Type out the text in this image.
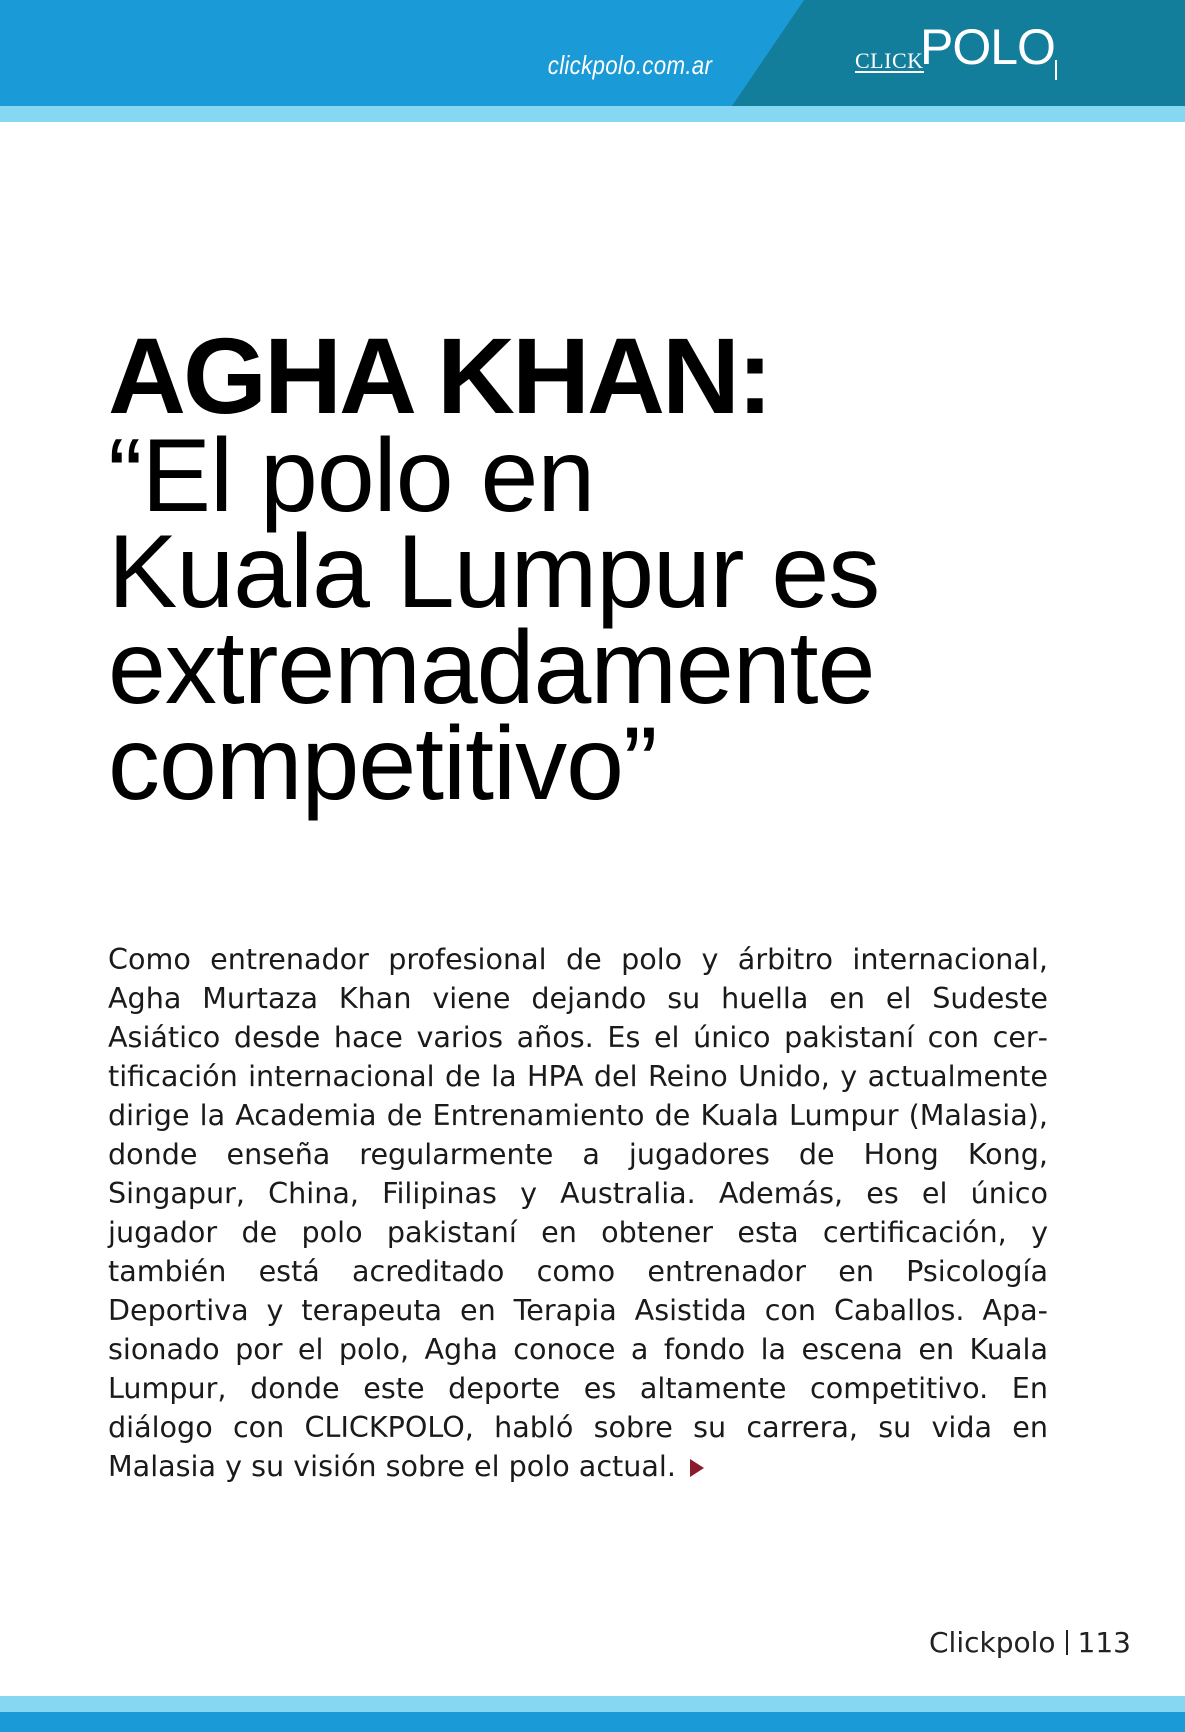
clickpolo.com.ar	CLICK
POLO
AGHA KHAN:
“El polo en
Kuala Lumpur es
extremadamente
competitivo”
Como entrenador profesional de polo y árbitro internacional, Agha Murtaza Khan viene dejando su huella en el Sudeste Asiático desde hace varios años. Es el único pakistaní con certificación internacional de la HPA del Reino Unido, y actualmente dirige la Academia de Entrenamiento de Kuala Lumpur (Malasia), donde enseña regularmente a jugadores de Hong Kong, Singapur, China, Filipinas y Australia. Además, es el único jugador de polo pakistaní en obtener esta certificación, y también está acreditado como entrenador en Psicología Deportiva y terapeuta en Terapia Asistida con Caballos. Apasionado por el polo, Agha conoce a fondo la escena en Kuala Lumpur, donde este deporte es altamente competitivo. En diálogo con CLICKPOLO, habló sobre su carrera, su vida en Malasia y su visión sobre el polo actual.
Clickpolo 113
